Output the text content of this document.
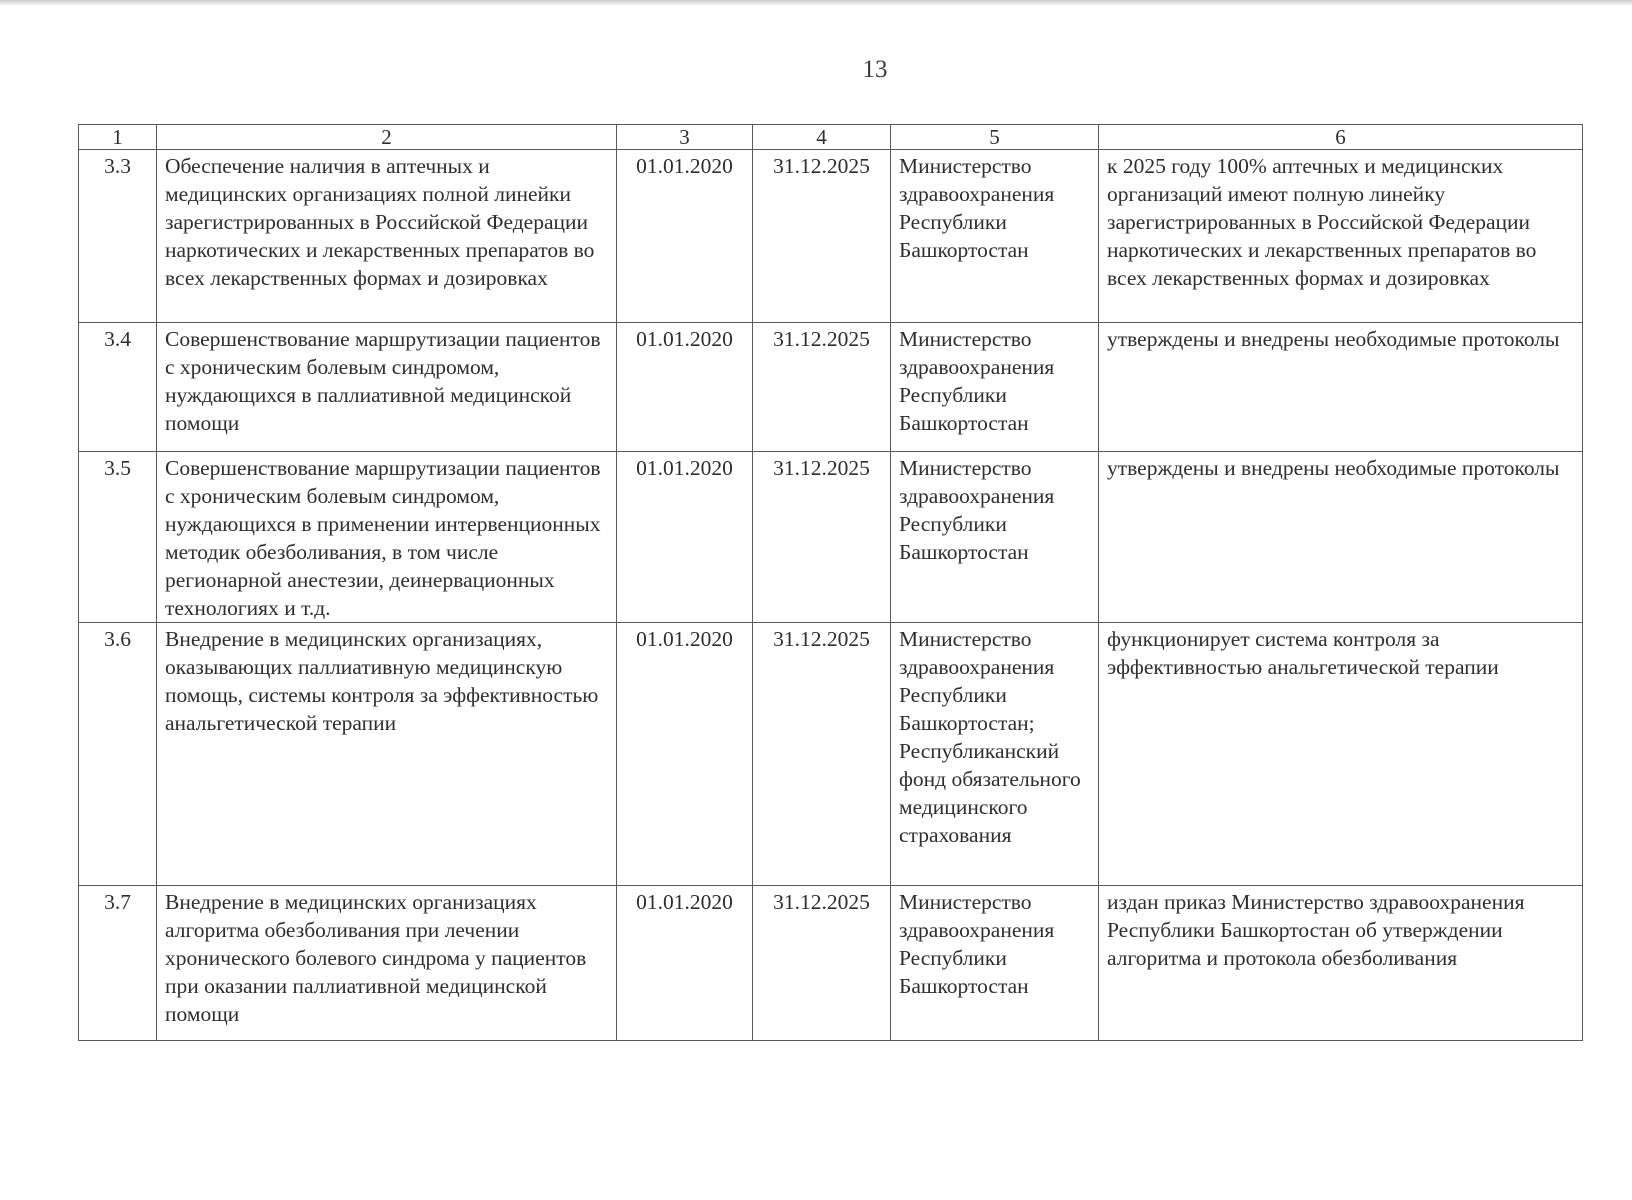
13
1	2	3	4	5	6
3.3	Обеспечение наличия в аптечных и медицинских организациях полной линейки зарегистрированных в Российской Федерации наркотических и лекарственных препаратов во всех лекарственных формах и дозировках	01.01.2020	31.12.2025	Министерство здравоохранения Республики Башкортостан	к 2025 году 100% аптечных и медицинских организаций имеют полную линейку зарегистрированных в Российской Федерации наркотических и лекарственных препаратов во всех лекарственных формах и дозировках
3.4	Совершенствование маршрутизации пациентов с хроническим болевым синдромом, нуждающихся в паллиативной медицинской помощи	01.01.2020	31.12.2025	Министерство здравоохранения Республики Башкортостан	утверждены и внедрены необходимые протоколы
3.5	Совершенствование маршрутизации пациентов с хроническим болевым синдромом, нуждающихся в применении интервенционных методик обезболивания, в том числе регионарной анестезии, деинервационных технологиях и т.д.	01.01.2020	31.12.2025	Министерство здравоохранения Республики Башкортостан	утверждены и внедрены необходимые протоколы
3.6	Внедрение в медицинских организациях, оказывающих паллиативную медицинскую помощь, системы контроля за эффективностью анальгетической терапии	01.01.2020	31.12.2025	Министерство здравоохранения Республики Башкортостан; Республиканский фонд обязательного медицинского страхования	функционирует система контроля за эффективностью анальгетической терапии
3.7	Внедрение в медицинских организациях алгоритма обезболивания при лечении хронического болевого синдрома у пациентов при оказании паллиативной медицинской помощи	01.01.2020	31.12.2025	Министерство здравоохранения Республики Башкортостан	издан приказ Министерство здравоохранения Республики Башкортостан об утверждении алгоритма и протокола обезболивания
